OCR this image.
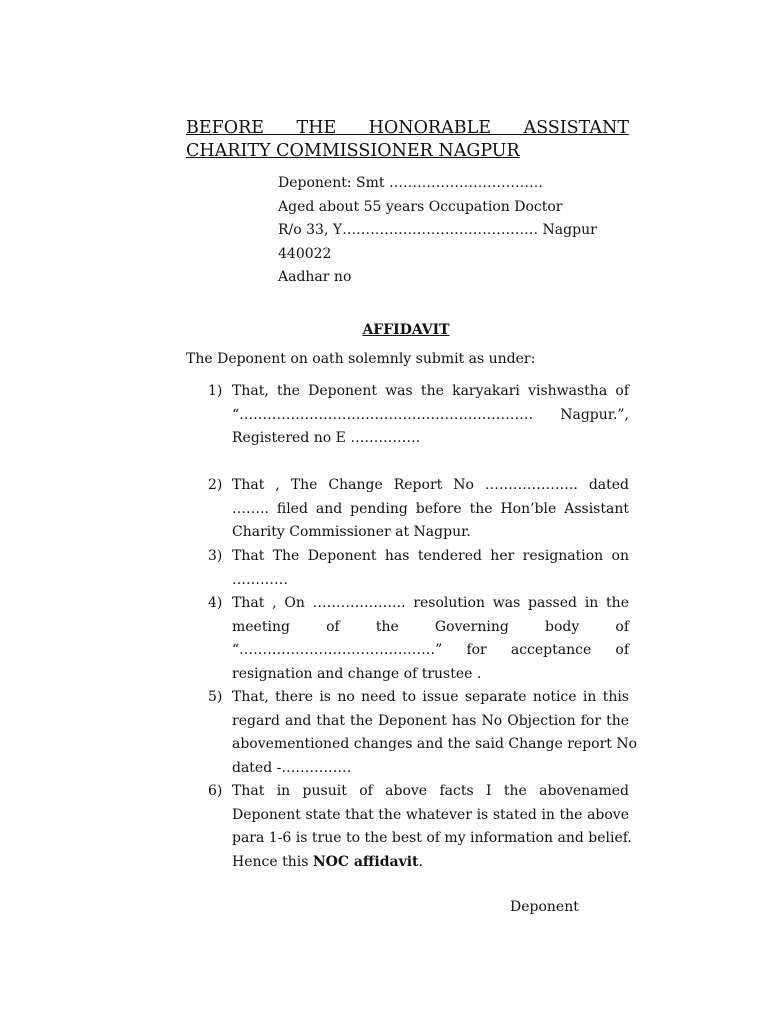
BEFORE THE HONORABLE ASSISTANT
CHARITY COMMISSIONER NAGPUR
Deponent: Smt ……………………………
Aged about 55 years Occupation Doctor
R/o 33, Y…………………………………… Nagpur
440022
Aadhar no
AFFIDAVIT
The Deponent on oath solemnly submit as under:
1) That, the Deponent was the karyakari vishwastha of
“……………………………………………………… Nagpur.”,
Registered no E ……………
2) That , The Change Report No ……………….. dated
…….. filed and pending before the Hon’ble Assistant
Charity Commissioner at Nagpur.
3) That The Deponent has tendered her resignation on
…………
4) That , On ……………….. resolution was passed in the
meeting of the Governing body of
“……………………………………” for acceptance of
resignation and change of trustee .
5) That, there is no need to issue separate notice in this
regard and that the Deponent has No Objection for the
abovementioned changes and the said Change report No
dated -……………
6) That in pusuit of above facts I the abovenamed
Deponent state that the whatever is stated in the above
para 1-6 is true to the best of my information and belief.
Hence this NOC affidavit.
Deponent
